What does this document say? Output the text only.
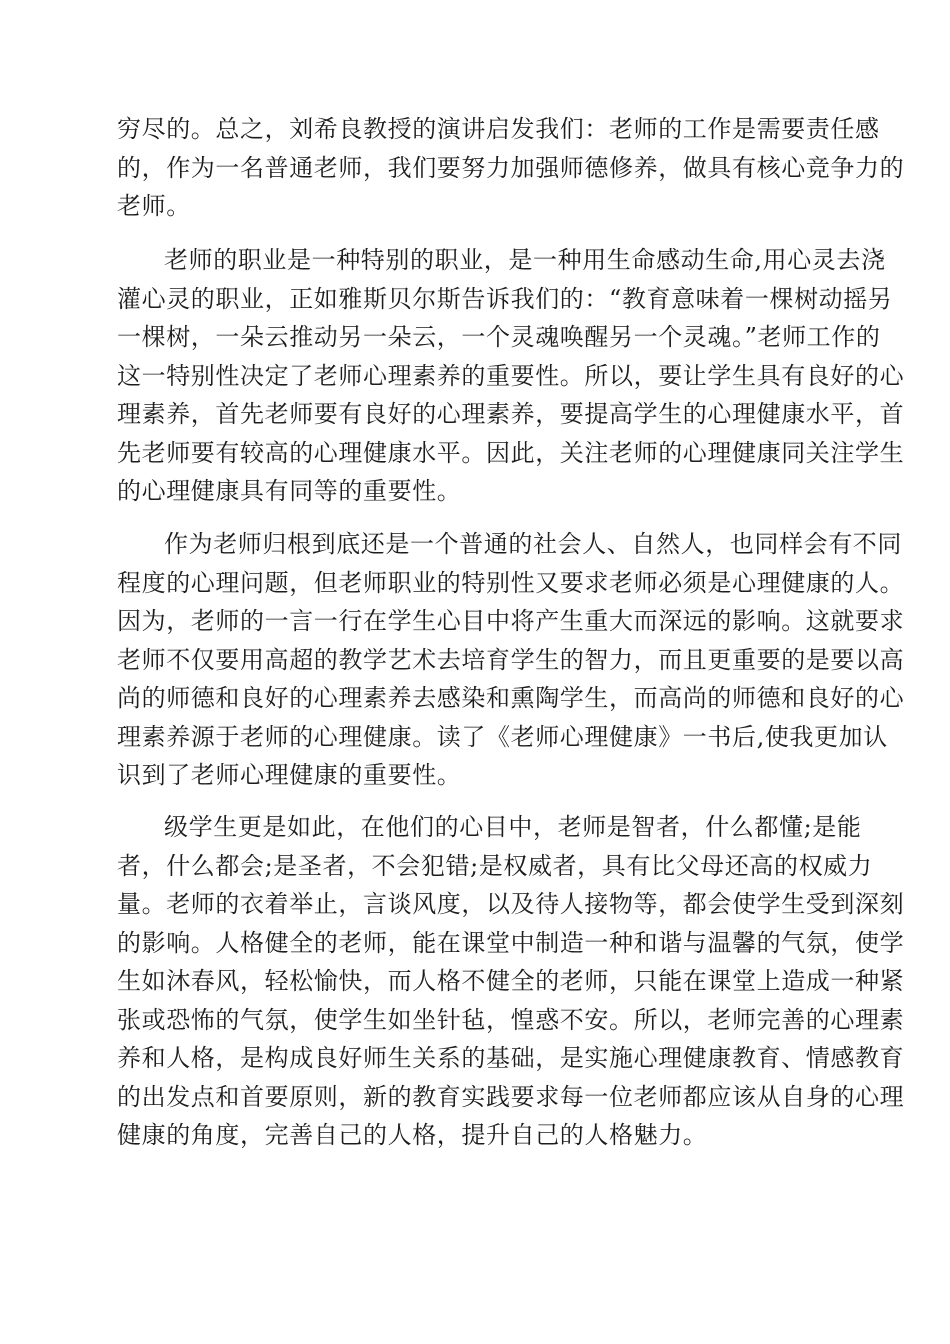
穷尽的。总之，刘希良教授的演讲启发我们：老师的工作是需要责任感
的，作为一名普通老师，我们要努力加强师德修养，做具有核心竞争力的
老师。
老师的职业是一种特别的职业，是一种用生命感动生命,用心灵去浇
灌心灵的职业，正如雅斯贝尔斯告诉我们的：“教育意味着一棵树动摇另
一棵树，一朵云推动另一朵云，一个灵魂唤醒另一个灵魂。”老师工作的
这一特别性决定了老师心理素养的重要性。所以，要让学生具有良好的心
理素养，首先老师要有良好的心理素养，要提高学生的心理健康水平，首
先老师要有较高的心理健康水平。因此，关注老师的心理健康同关注学生
的心理健康具有同等的重要性。
作为老师归根到底还是一个普通的社会人、自然人，也同样会有不同
程度的心理问题，但老师职业的特别性又要求老师必须是心理健康的人。
因为，老师的一言一行在学生心目中将产生重大而深远的影响。这就要求
老师不仅要用高超的教学艺术去培育学生的智力，而且更重要的是要以高
尚的师德和良好的心理素养去感染和熏陶学生，而高尚的师德和良好的心
理素养源于老师的心理健康。读了《老师心理健康》一书后,使我更加认
识到了老师心理健康的重要性。
级学生更是如此，在他们的心目中，老师是智者，什么都懂;是能
者，什么都会;是圣者，不会犯错;是权威者，具有比父母还高的权威力
量。老师的衣着举止，言谈风度，以及待人接物等，都会使学生受到深刻
的影响。人格健全的老师，能在课堂中制造一种和谐与温馨的气氛，使学
生如沐春风，轻松愉快，而人格不健全的老师，只能在课堂上造成一种紧
张或恐怖的气氛，使学生如坐针毡，惶惑不安。所以，老师完善的心理素
养和人格，是构成良好师生关系的基础，是实施心理健康教育、情感教育
的出发点和首要原则，新的教育实践要求每一位老师都应该从自身的心理
健康的角度，完善自己的人格，提升自己的人格魅力。
